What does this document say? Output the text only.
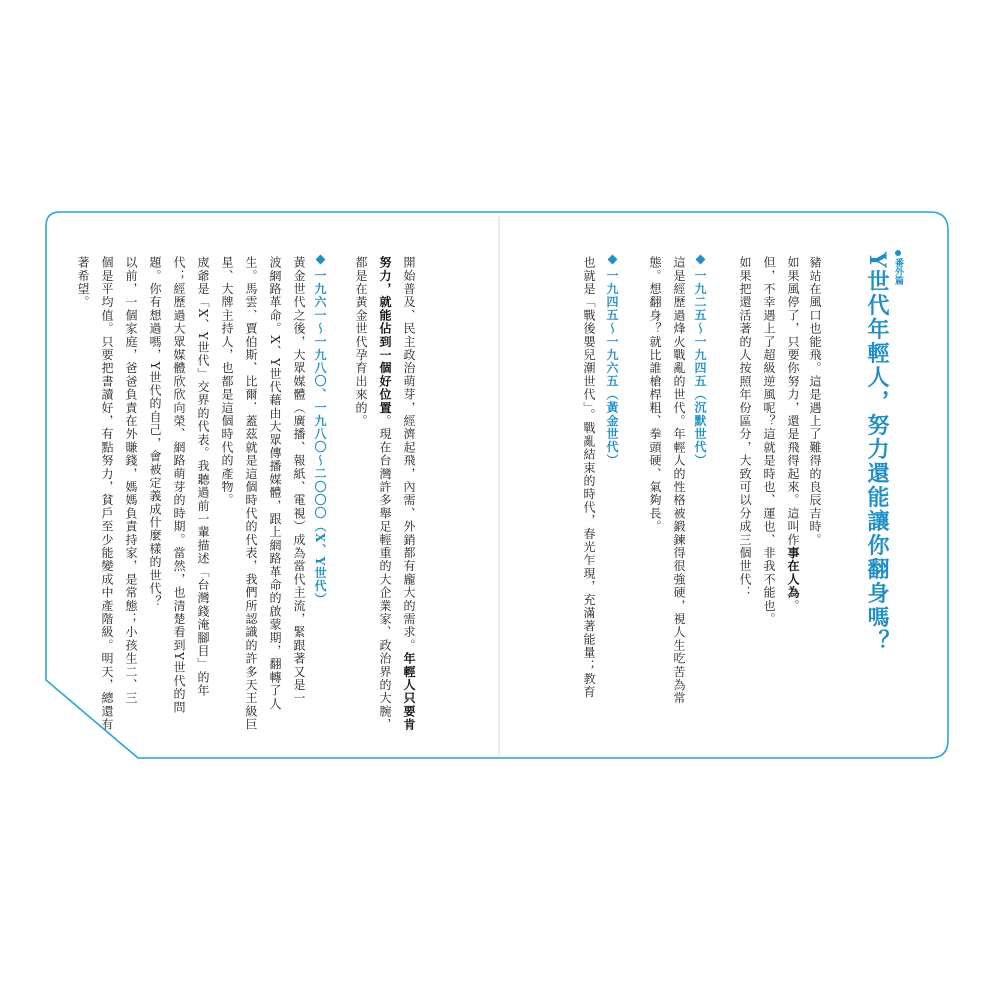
番外篇
Y世代年輕人，努力還能讓你翻身嗎？
豬站在風口也能飛。這是遇上了難得的良辰吉時。
如果風停了，只要你努力，還是飛得起來。這叫作事在人為。
但，不幸遇上了超級逆風呢？這就是時也、運也、非我不能也。
如果把還活著的人按照年份區分，大致可以分成三個世代：
一九二五～一九四五（沉默世代）
這是經歷過烽火戰亂的世代。年輕人的性格被鍛鍊得很強硬，視人生吃苦為常
態。想翻身？就比誰槍桿粗、拳頭硬、氣夠長。
一九四五～一九六五（黃金世代）
也就是「戰後嬰兒潮世代」。戰亂結束的時代，春光乍現，充滿著能量；教育
開始普及、民主政治萌芽，經濟起飛，內需、外銷都有龐大的需求。年輕人只要肯
努力，就能佔到一個好位置。現在台灣許多舉足輕重的大企業家、政治界的大腕，
都是在黃金世代孕育出來的。
一九六一～一九八〇、一九八〇～二〇〇〇（X、Y世代）
黃金世代之後，大眾媒體（廣播、報紙、電視）成為當代主流，緊跟著又是一
波網路革命。X、Y世代藉由大眾傳播媒體，跟上網路革命的啟蒙期，翻轉了人
生。馬雲、賈伯斯、比爾．蓋茲就是這個時代的代表，我們所認識的許多天王級巨
星、大牌主持人，也都是這個時代的產物。
宬爺是「X、Y世代」交界的代表。我聽過前一輩描述「台灣錢淹腳目」的年
代；經歷過大眾媒體欣欣向榮、網路萌芽的時期。當然，也清楚看到Y世代的問
題。你有想過嗎，Y世代的自己，會被定義成什麼樣的世代？
以前，一個家庭，爸爸負責在外賺錢，媽媽負責持家，是常態；小孩生二、三
個是平均值。只要把書讀好，有點努力，貧戶至少能變成中產階級。明天，總還有
著希望。
